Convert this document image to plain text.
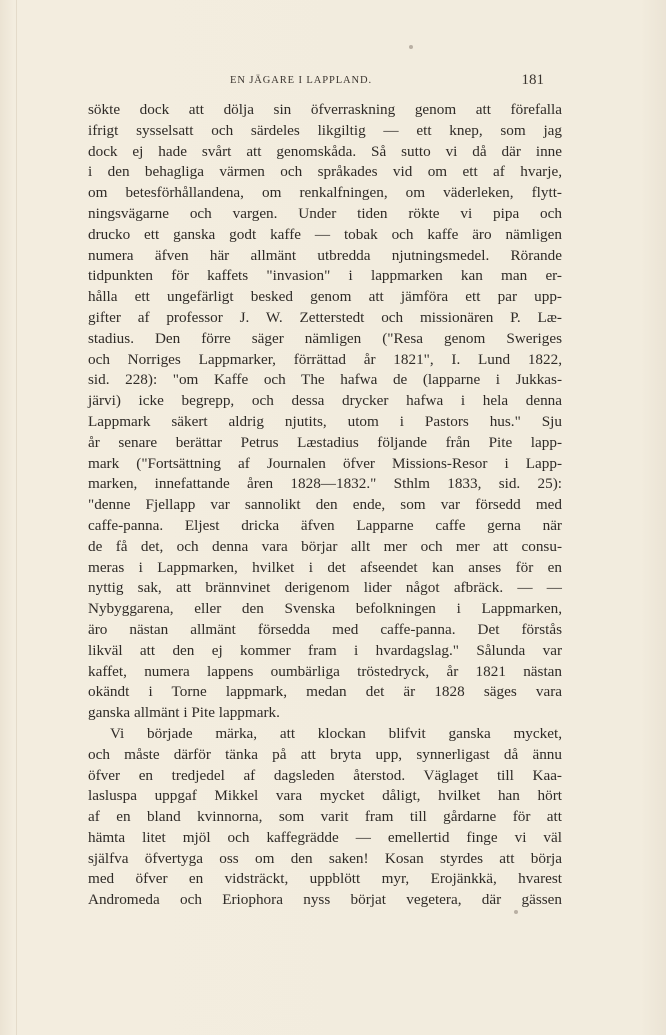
EN JÄGARE I LAPPLAND.	181
sökte dock att dölja sin öfverraskning genom att förefalla
ifrigt sysselsatt och särdeles likgiltig — ett knep, som jag
dock ej hade svårt att genomskåda. Så sutto vi då där inne
i den behagliga värmen och språkades vid om ett af hvarje,
om betesförhållandena, om renkalfningen, om väderleken, flytt-
ningsvägarne och vargen. Under tiden rökte vi pipa och
drucko ett ganska godt kaffe — tobak och kaffe äro nämligen
numera äfven här allmänt utbredda njutningsmedel. Rörande
tidpunkten för kaffets "invasion" i lappmarken kan man er-
hålla ett ungefärligt besked genom att jämföra ett par upp-
gifter af professor J. W. Zetterstedt och missionären P. Læ-
stadius. Den förre säger nämligen ("Resa genom Sweriges
och Norriges Lappmarker, förrättad år 1821", I. Lund 1822,
sid. 228): "om Kaffe och The hafwa de (lapparne i Jukkas-
järvi) icke begrepp, och dessa drycker hafwa i hela denna
Lappmark säkert aldrig njutits, utom i Pastors hus." Sju
år senare berättar Petrus Læstadius följande från Pite lapp-
mark ("Fortsättning af Journalen öfver Missions-Resor i Lapp-
marken, innefattande åren 1828—1832." Sthlm 1833, sid. 25):
"denne Fjellapp var sannolikt den ende, som var försedd med
caffe-panna. Eljest dricka äfven Lapparne caffe gerna när
de få det, och denna vara börjar allt mer och mer att consu-
meras i Lappmarken, hvilket i det afseendet kan anses för en
nyttig sak, att brännvinet derigenom lider något afbräck. — —
Nybyggarena, eller den Svenska befolkningen i Lappmarken,
äro nästan allmänt försedda med caffe-panna. Det förstås
likväl att den ej kommer fram i hvardagslag." Sålunda var
kaffet, numera lappens oumbärliga tröstedryck, år 1821 nästan
okändt i Torne lappmark, medan det är 1828 säges vara
ganska allmänt i Pite lappmark.
Vi började märka, att klockan blifvit ganska mycket,
och måste därför tänka på att bryta upp, synnerligast då ännu
öfver en tredjedel af dagsleden återstod. Väglaget till Kaa-
lasluspa uppgaf Mikkel vara mycket dåligt, hvilket han hört
af en bland kvinnorna, som varit fram till gårdarne för att
hämta litet mjöl och kaffegrädde — emellertid finge vi väl
själfva öfvertyga oss om den saken! Kosan styrdes att börja
med öfver en vidsträckt, uppblött myr, Erojänkkä, hvarest
Andromeda och Eriophora nyss börjat vegetera, där gässen
